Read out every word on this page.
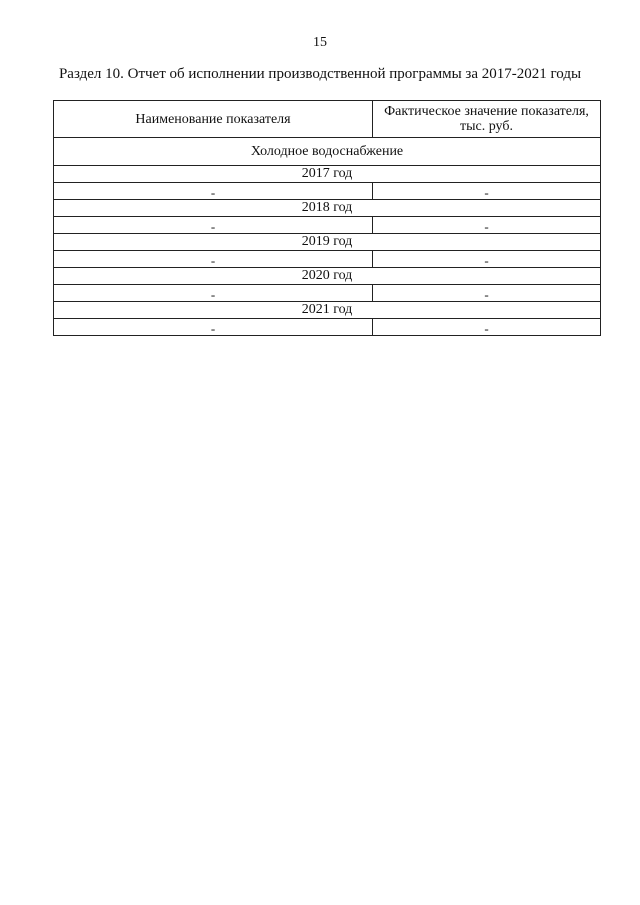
15
Раздел 10. Отчет об исполнении производственной программы за 2017-2021 годы
Наименование показателя	Фактическое значение показателя, тыс. руб.
Холодное водоснабжение	
2017 год	
-	-
2018 год	
-	-
2019 год	
-	-
2020 год	
-	-
2021 год	
-	-
